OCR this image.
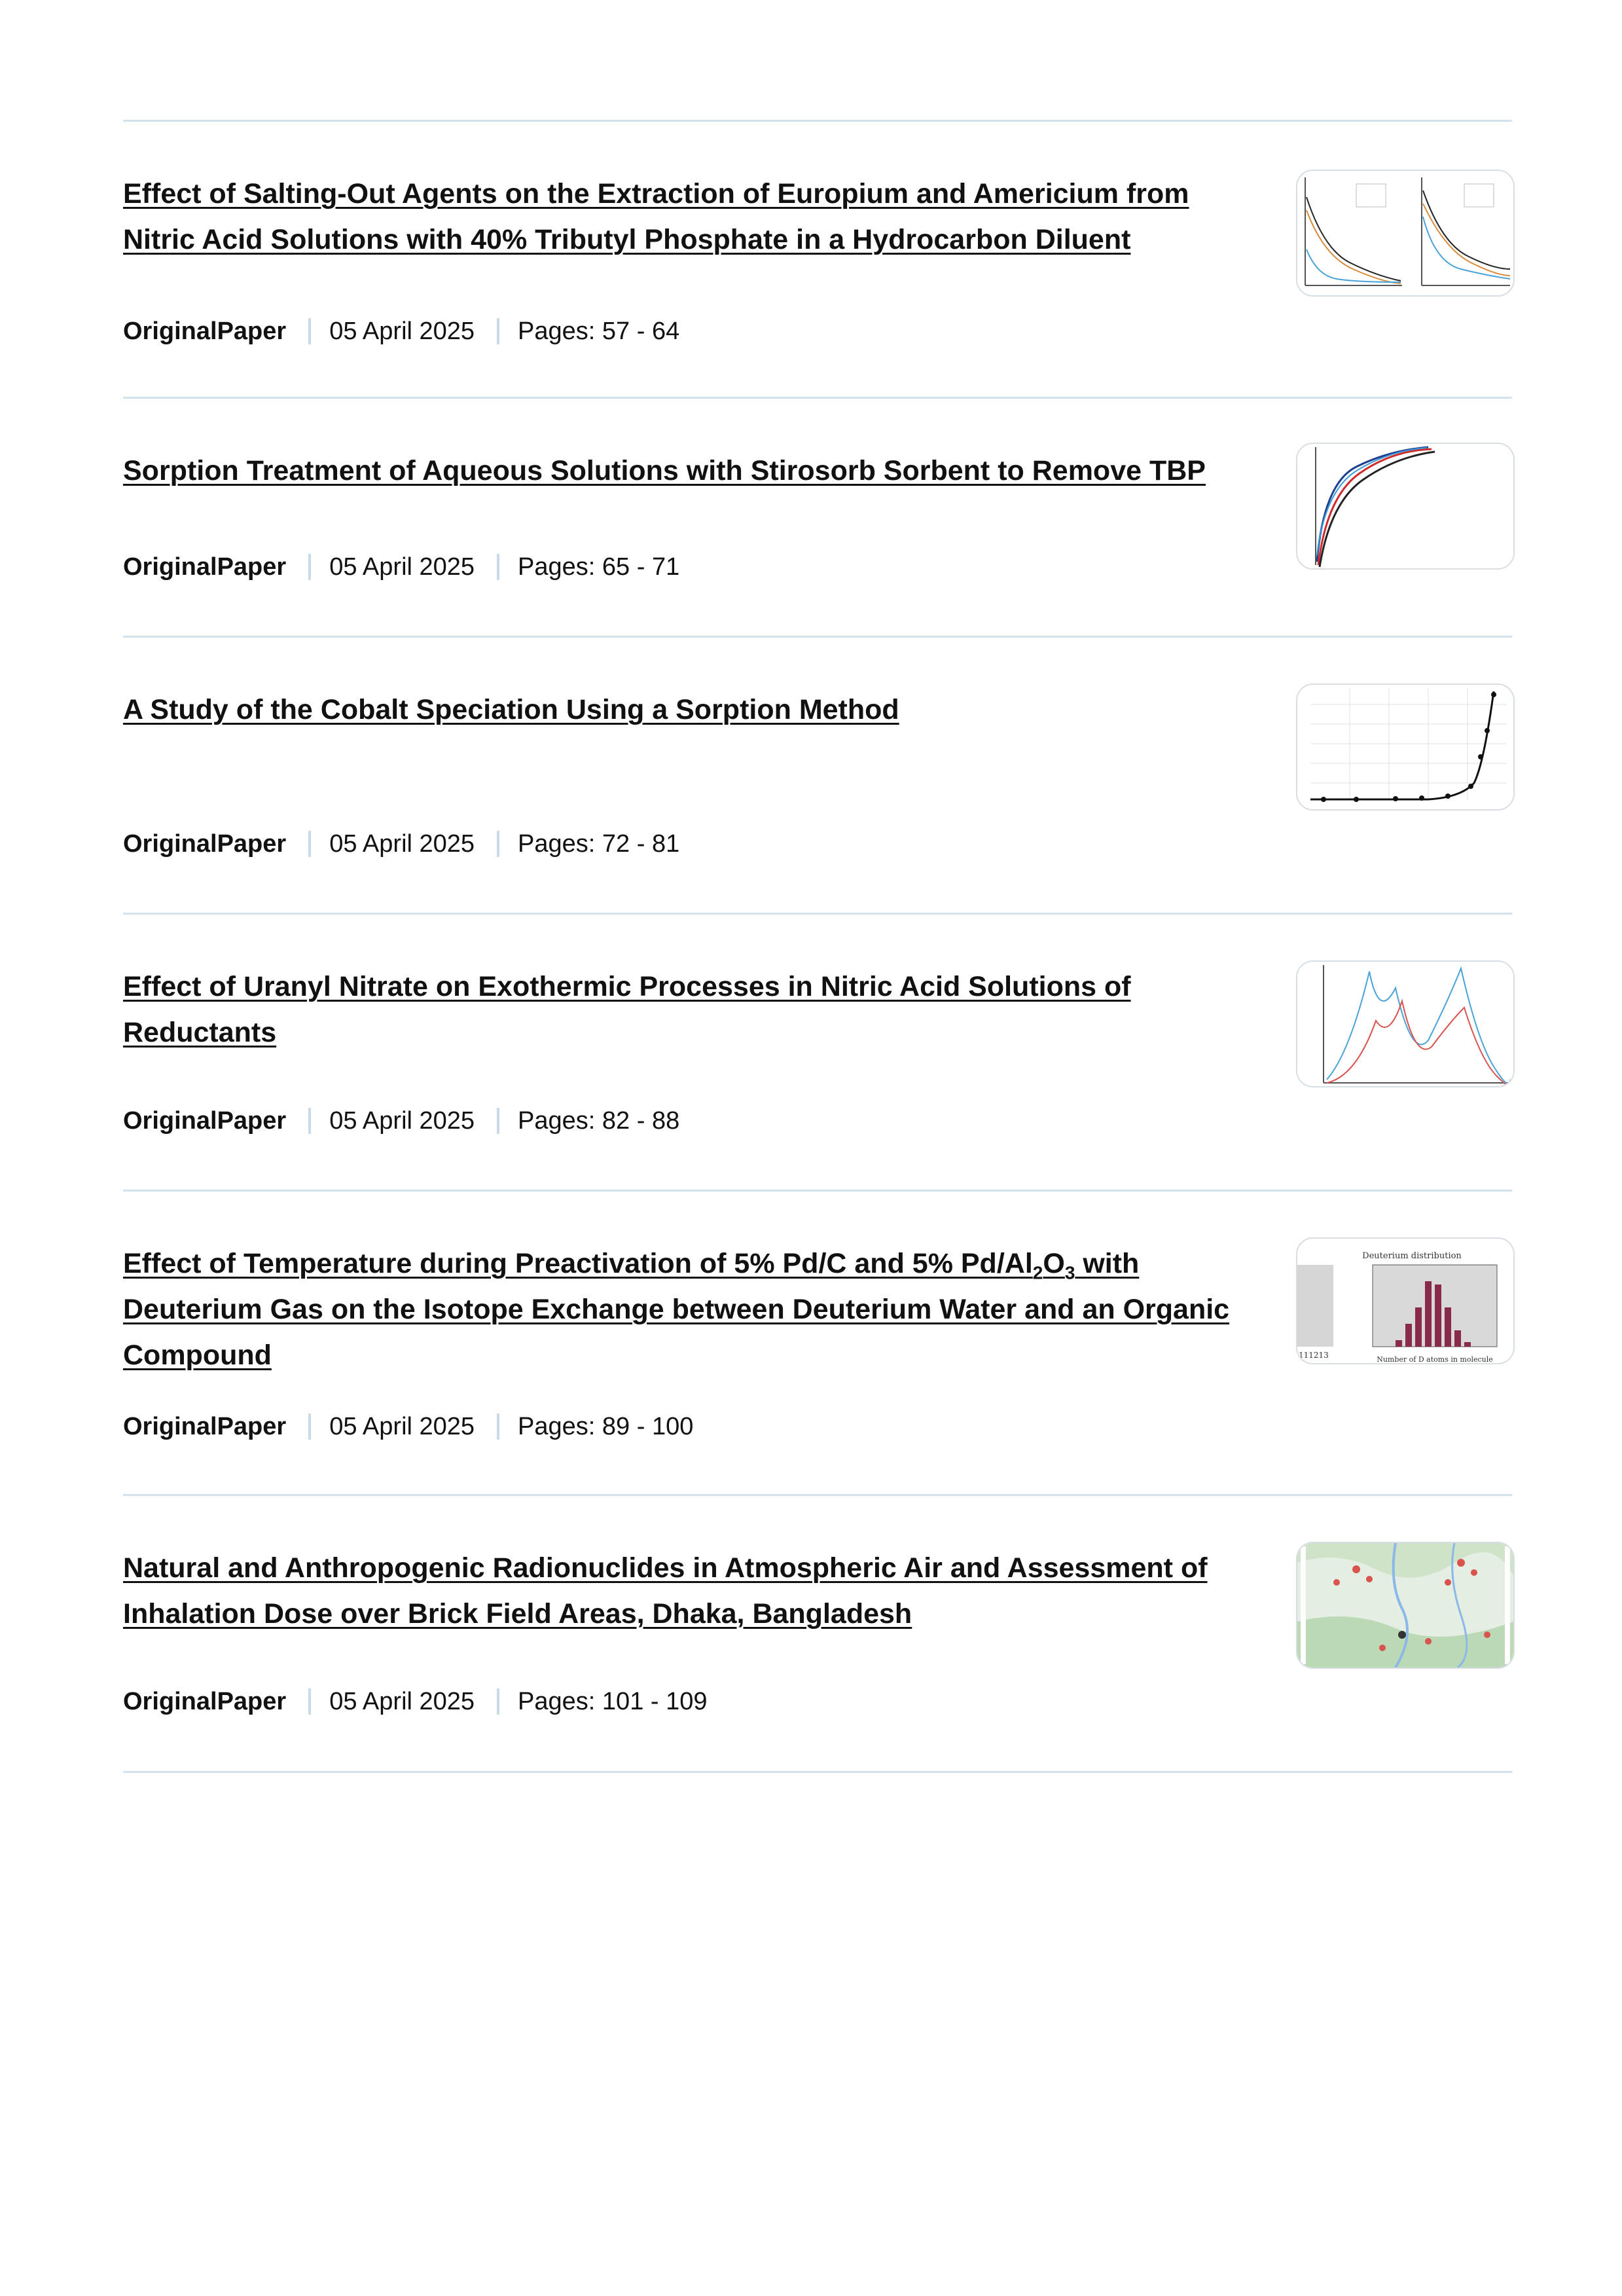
Effect of Salting-Out Agents on the Extraction of Europium and Americium from Nitric Acid Solutions with 40% Tributyl Phosphate in a Hydrocarbon Diluent
OriginalPaper 05 April 2025 Pages: 57 - 64
Sorption Treatment of Aqueous Solutions with Stirosorb Sorbent to Remove TBP
OriginalPaper 05 April 2025 Pages: 65 - 71
A Study of the Cobalt Speciation Using a Sorption Method
OriginalPaper 05 April 2025 Pages: 72 - 81
Effect of Uranyl Nitrate on Exothermic Processes in Nitric Acid Solutions of Reductants
OriginalPaper 05 April 2025 Pages: 82 - 88
Effect of Temperature during Preactivation of 5% Pd/C and 5% $Pd/Al_2O_3$ with Deuterium Gas on the Isotope Exchange between Deuterium Water and an Organic Compound	111213
Deuterium distribution
Number of D atoms in molecule
OriginalPaper 05 April 2025 Pages: 89 - 100
Natural and Anthropogenic Radionuclides in Atmospheric Air and Assessment of Inhalation Dose over Brick Field Areas, Dhaka, Bangladesh
OriginalPaper 05 April 2025 Pages: 101 - 109
